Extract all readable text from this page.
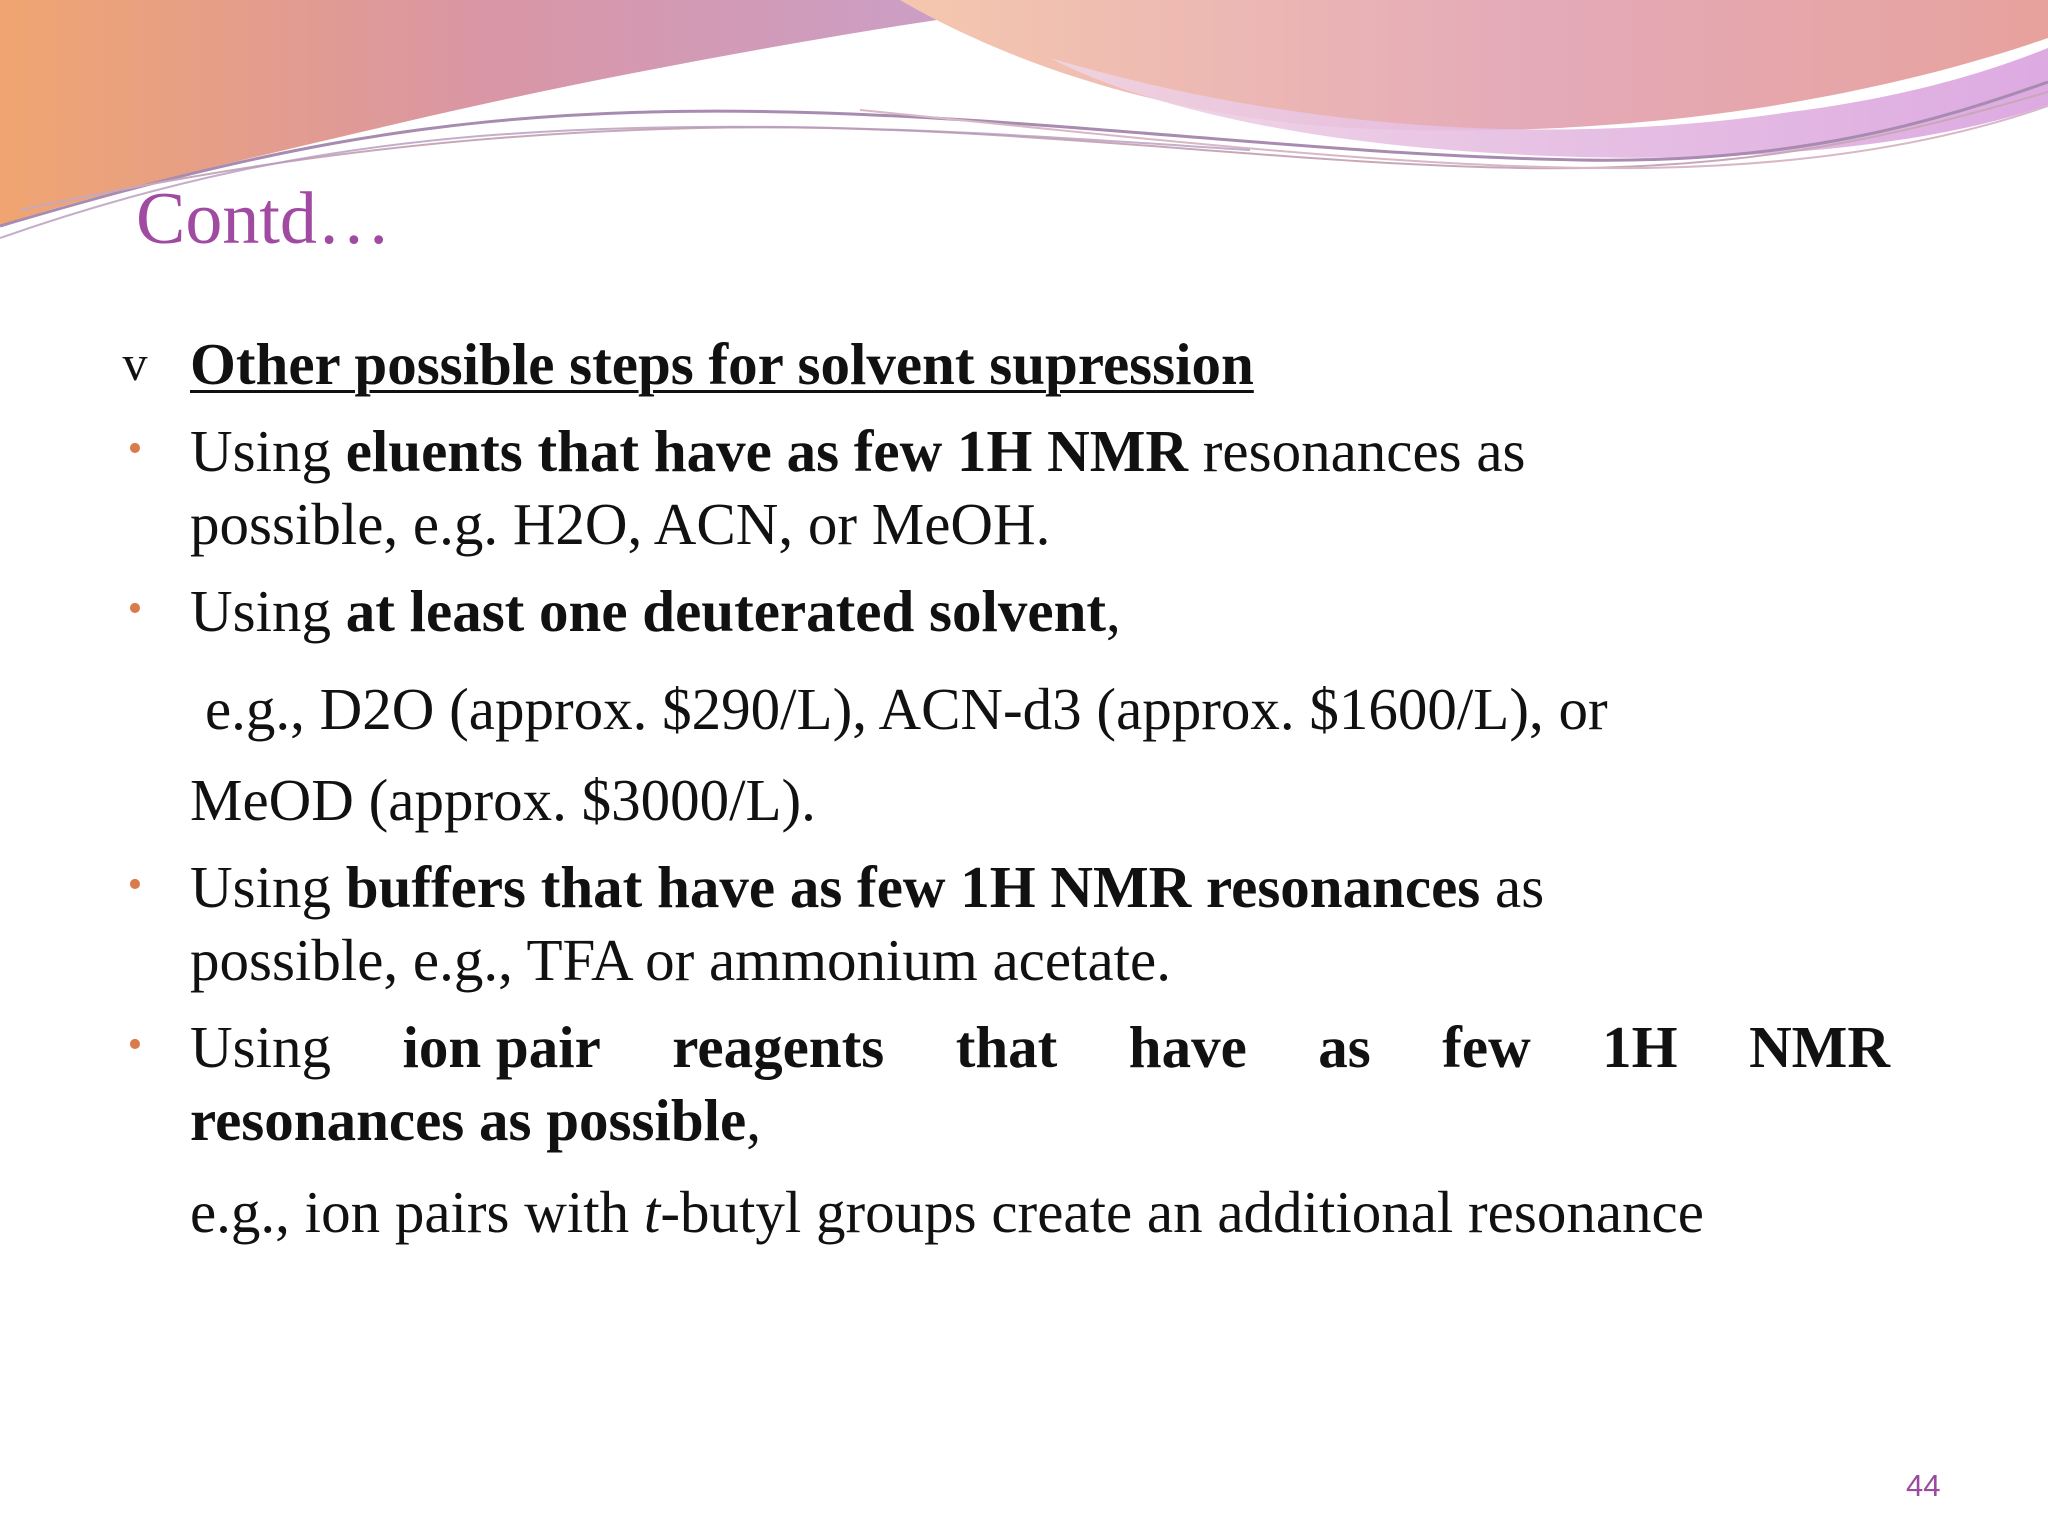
Contd…
v Other possible steps for solvent supression

• Using eluents that have as few 1H NMR resonances as
possible, e.g. H2O, ACN, or MeOH.

• Using at least one deuterated solvent,

e.g., D2O (approx. $290/L), ACN-d3 (approx. $1600/L), or

MeOD (approx. $3000/L).

• Using buffers that have as few 1H NMR resonances as
possible, e.g., TFA or ammonium acetate.

• Using ion pair reagents that have as few 1H NMR
resonances as possible,

e.g., ion pairs with t-butyl groups create an additional resonance

44
